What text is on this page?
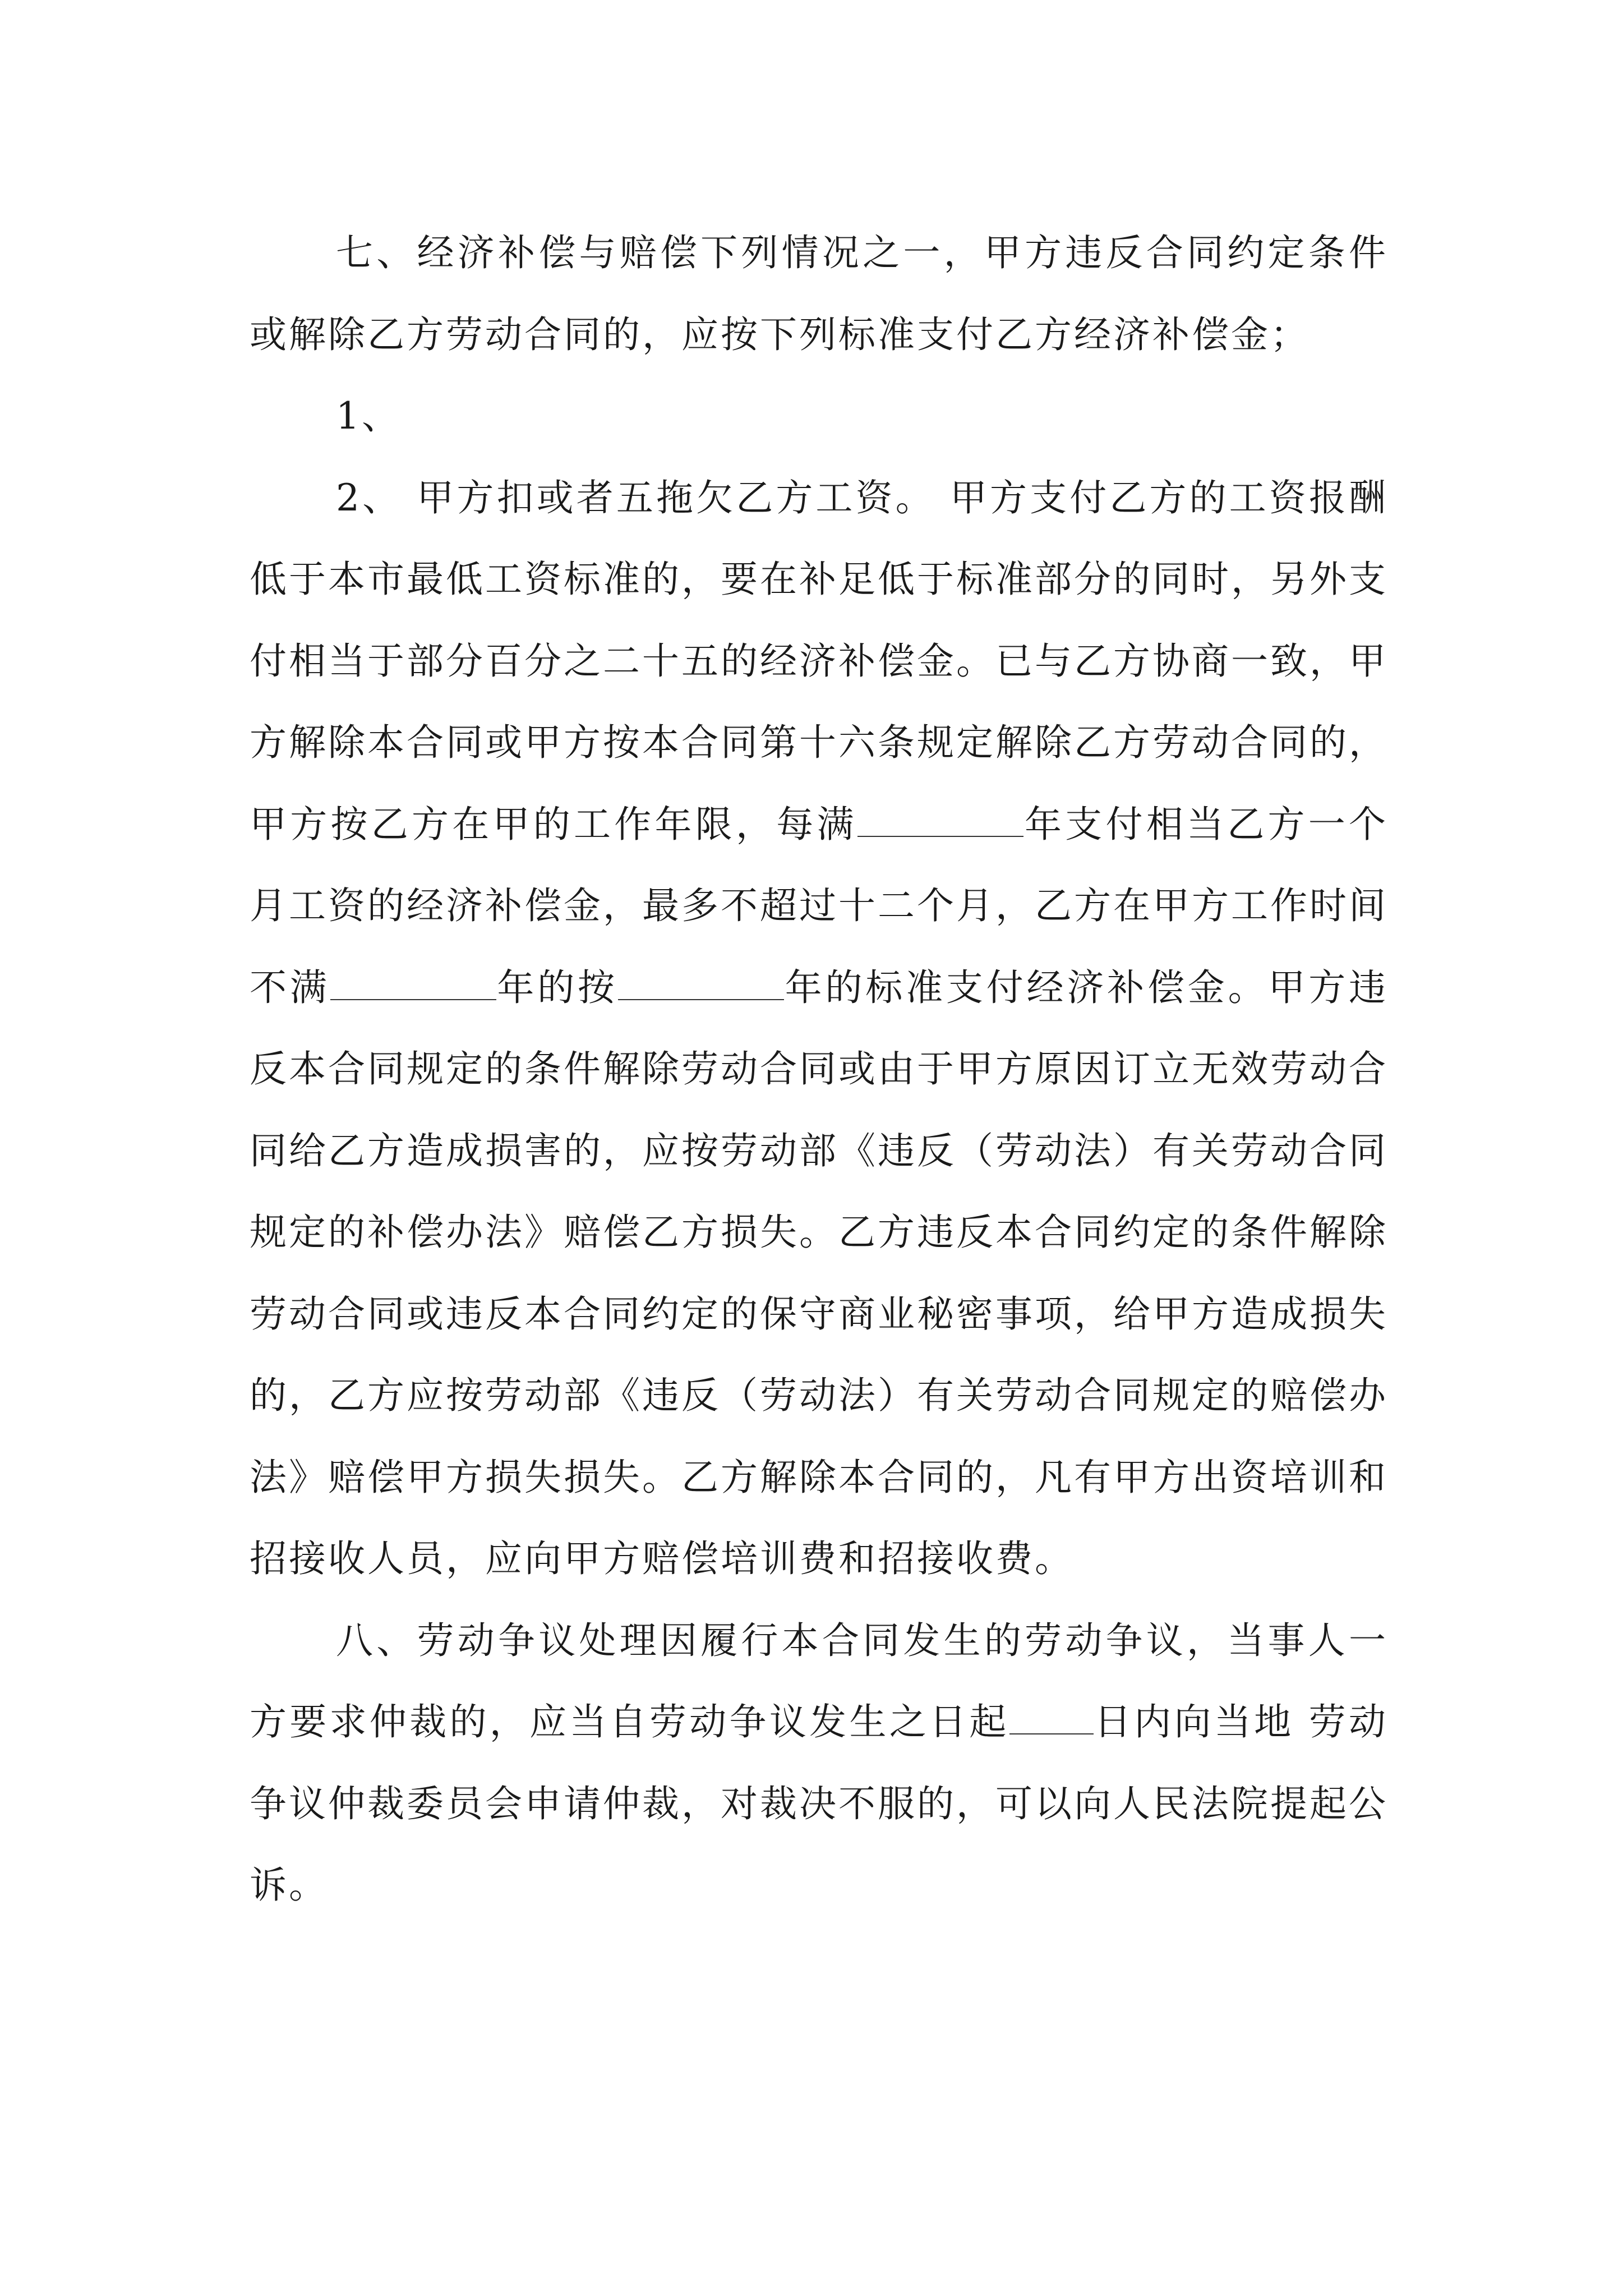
七、经济补偿与赔偿下列情况之一，甲方违反合同约定条件或解除乙方劳动合同的，应按下列标准支付乙方经济补偿金；

1、

2、 甲方扣或者五拖欠乙方工资。 甲方支付乙方的工资报酬低于本市最低工资标准的，要在补足低于标准部分的同时，另外支付相当于部分百分之二十五的经济补偿金。已与乙方协商一致，甲方解除本合同或甲方按本合同第十六条规定解除乙方劳动合同的，甲方按乙方在甲的工作年限，每满	年支付相当乙方一个月工资的经济补偿金，最多不超过十二个月，乙方在甲方工作时间不满	年的按	年的标准支付经济补偿金。甲方违反本合同规定的条件解除劳动合同或由于甲方原因订立无效劳动合同给乙方造成损害的，应按劳动部《违反（劳动法）有关劳动合同规定的补偿办法》赔偿乙方损失。乙方违反本合同约定的条件解除劳动合同或违反本合同约定的保守商业秘密事项，给甲方造成损失的，乙方应按劳动部《违反（劳动法）有关劳动合同规定的赔偿办法》赔偿甲方损失损失。乙方解除本合同的，凡有甲方出资培训和招接收人员，应向甲方赔偿培训费和招接收费。

八、劳动争议处理因履行本合同发生的劳动争议，当事人一方要求仲裁的，应当自劳动争议发生之日起 日内向当地 劳动争议仲裁委员会申请仲裁，对裁决不服的，可以向人民法院提起公诉。
